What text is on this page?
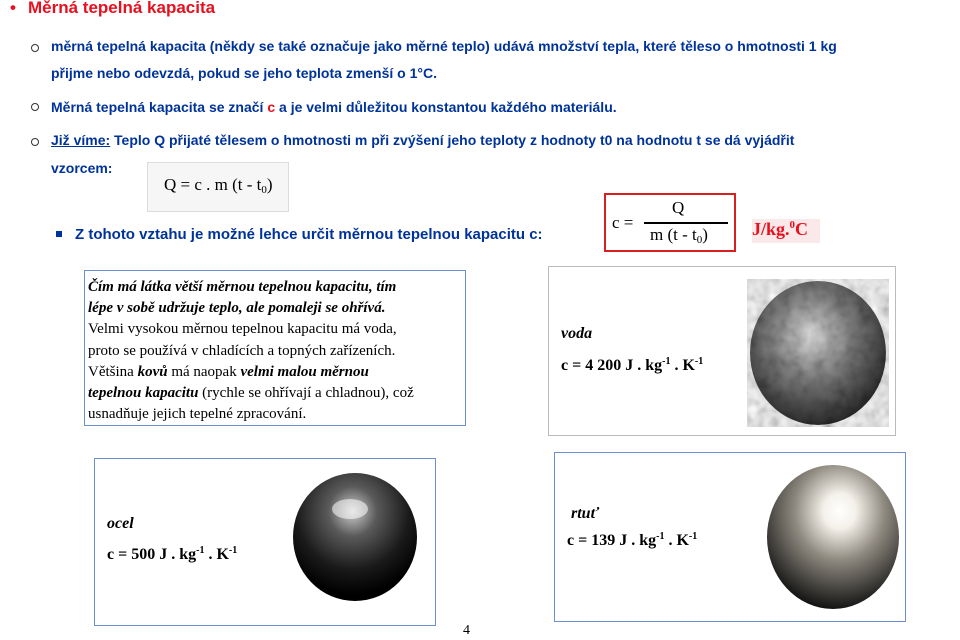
• Měrná tepelná kapacita
měrná tepelná kapacita (někdy se také označuje jako měrné teplo) udává množství tepla, které těleso o hmotnosti 1 kg
přijme nebo odevzdá, pokud se jeho teplota zmenší o 1°C.
Měrná tepelná kapacita se značí c a je velmi důležitou konstantou každého materiálu.
Již víme: Teplo Q přijaté tělesem o hmotnosti m při zvýšení jeho teploty z hodnoty t0 na hodnotu t se dá vyjádřit
vzorcem:
Q = c . m $(t - t_0)$
Z tohoto vztahu je možné lehce určit měrnou tepelnou kapacitu c:
c =
Q
m $(t - t_0)$ J/kg.$^0$C
Čím má látka větší měrnou tepelnou kapacitu, tím
lépe v sobě udržuje teplo, ale pomaleji se ohřívá.
Velmi vysokou měrnou tepelnou kapacitu má voda,
proto se používá v chladících a topných zařízeních.
Většina kovů má naopak velmi malou měrnou
tepelnou kapacitu (rychle se ohřívají a chladnou), což
usnadňuje jejich tepelné zpracování.
voda
c = 4 200 J . $kg^{-1}$ . $K^{-1}$
ocel
c = 500 J . $kg^{-1}$ . $K^{-1}$
rtuť
c = 139 J . $kg^{-1}$ . $K^{-1}$
4
